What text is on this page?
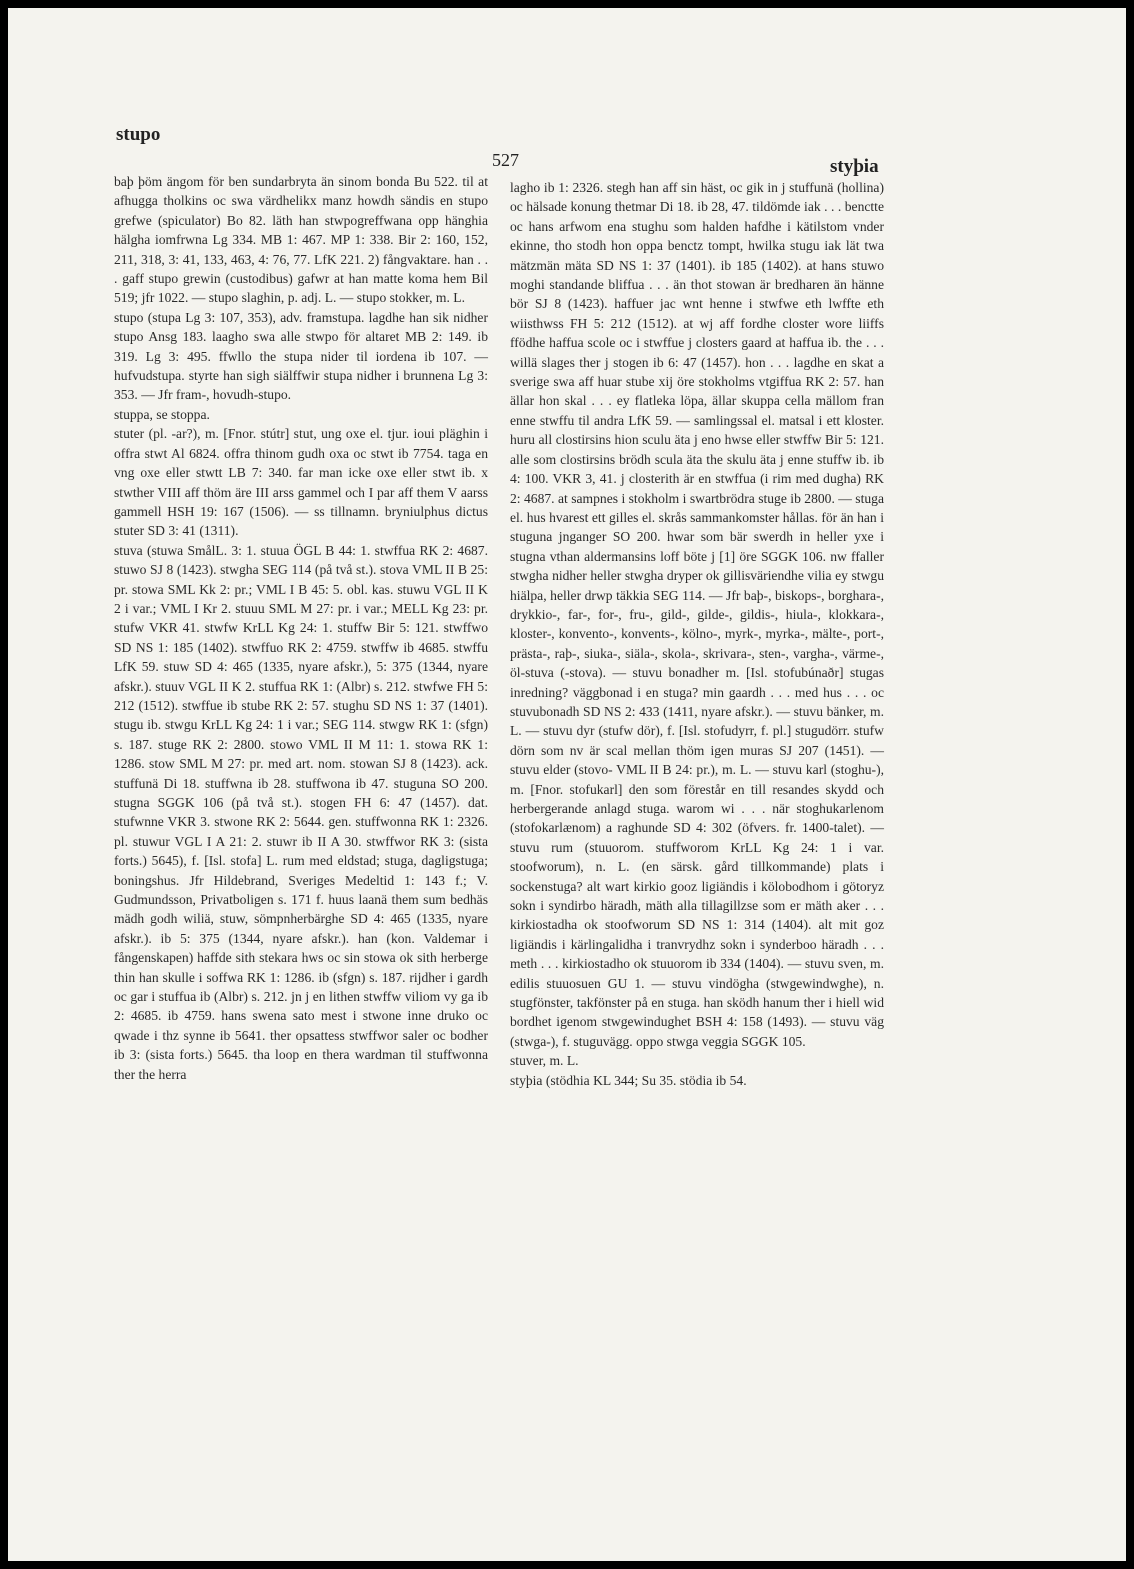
stupo
527	styþia

baþ þöm ängom för ben sundarbryta än sinom bonda Bu 522. til at afhugga tholkins oc swa värdhelikx manz howdh sändis en stupo grefwe (spiculator) Bo 82. läth han stwpogreffwana opp hänghia hälgha iomfrwna Lg 334. MB 1: 467. MP 1: 338. Bir 2: 160, 152, 211, 318, 3: 41, 133, 463, 4: 76, 77. LfK 221. 2) fångvaktare. han . . . gaff stupo grewin (custodibus) gafwr at han matte koma hem Bil 519; jfr 1022. — stupo slaghin, p. adj. L. — stupo stokker, m. L.

stupo (stupa Lg 3: 107, 353), adv. framstupa. lagdhe han sik nidher stupo Ansg 183. laagho swa alle stwpo för altaret MB 2: 149. ib 319. Lg 3: 495. ffwllo the stupa nider til iordena ib 107. — hufvudstupa. styrte han sigh siälffwir stupa nidher i brunnena Lg 3: 353. — Jfr fram-, hovudh-stupo.

stuppa, se stoppa.

stuter (pl. -ar?), m. [Fnor. stútr] stut, ung oxe el. tjur. ioui pläghin i offra stwt Al 6824. offra thinom gudh oxa oc stwt ib 7754. taga en vng oxe eller stwtt LB 7: 340. far man icke oxe eller stwt ib. x stwther VIII aff thöm äre III arss gammel och I par aff them V aarss gammell HSH 19: 167 (1506). — ss tillnamn. bryniulphus dictus stuter SD 3: 41 (1311).

stuva (stuwa SmålL. 3: 1. stuua ÖGL B 44: 1. stwffua RK 2: 4687. stuwo SJ 8 (1423). stwgha SEG 114 (på två st.). stova VML II B 25: pr. stowa SML Kk 2: pr.; VML I B 45: 5. obl. kas. stuwu VGL II K 2 i var.; VML I Kr 2. stuuu SML M 27: pr. i var.; MELL Kg 23: pr. stufw VKR 41. stwfw KrLL Kg 24: 1. stuffw Bir 5: 121. stwffwo SD NS 1: 185 (1402). stwffuo RK 2: 4759. stwffw ib 4685. stwffu LfK 59. stuw SD 4: 465 (1335, nyare afskr.), 5: 375 (1344, nyare afskr.). stuuv VGL II K 2. stuffua RK 1: (Albr) s. 212. stwfwe FH 5: 212 (1512). stwffue ib stube RK 2: 57. stughu SD NS 1: 37 (1401). stugu ib. stwgu KrLL Kg 24: 1 i var.; SEG 114. stwgw RK 1: (sfgn) s. 187. stuge RK 2: 2800. stowo VML II M 11: 1. stowa RK 1: 1286. stow SML M 27: pr. med art. nom. stowan SJ 8 (1423). ack. stuffunä Di 18. stuffwna ib 28. stuffwona ib 47. stuguna SO 200. stugna SGGK 106 (på två st.). stogen FH 6: 47 (1457). dat. stufwnne VKR 3. stwone RK 2: 5644. gen. stuffwonna RK 1: 2326. pl. stuwur VGL I A 21: 2. stuwr ib II A 30. stwffwor RK 3: (sista forts.) 5645), f. [Isl. stofa] L. rum med eldstad; stuga, dagligstuga; boningshus. Jfr Hildebrand, Sveriges Medeltid 1: 143 f.; V. Gudmundsson, Privatboligen s. 171 f. huus laanä them sum bedhäs mädh godh wiliä, stuw, sömpnherbärghe SD 4: 465 (1335, nyare afskr.). ib 5: 375 (1344, nyare afskr.). han (kon. Valdemar i fångenskapen) haffde sith stekara hws oc sin stowa ok sith herberge thin han skulle i soffwa RK 1: 1286. ib (sfgn) s. 187. rijdher i gardh oc gar i stuffua ib (Albr) s. 212. jn j en lithen stwffw viliom vy ga ib 2: 4685. ib 4759. hans swena sato mest i stwone inne druko oc qwade i thz synne ib 5641. ther opsattess stwffwor saler oc bodher ib 3: (sista forts.) 5645. tha loop en thera wardman til stuffwonna ther the herra

lagho ib 1: 2326. stegh han aff sin häst, oc gik in j stuffunä (hollina) oc hälsade konung thetmar Di 18. ib 28, 47. tildömde iak . . . benctte oc hans arfwom ena stughu som halden hafdhe i kätilstom vnder ekinne, tho stodh hon oppa benctz tompt, hwilka stugu iak lät twa mätzmän mäta SD NS 1: 37 (1401). ib 185 (1402). at hans stuwo moghi standande bliffua . . . än thot stowan är bredharen än hänne bör SJ 8 (1423). haffuer jac wnt henne i stwfwe eth lwffte eth wiisthwss FH 5: 212 (1512). at wj aff fordhe closter wore liiffs ffödhe haffua scole oc i stwffue j closters gaard at haffua ib. the . . . willä slages ther j stogen ib 6: 47 (1457). hon . . . lagdhe en skat a sverige swa aff huar stube xij öre stokholms vtgiffua RK 2: 57. han ällar hon skal . . . ey flatleka löpa, ällar skuppa cella mällom fran enne stwffu til andra LfK 59. — samlingssal el. matsal i ett kloster. huru all clostirsins hion sculu äta j eno hwse eller stwffw Bir 5: 121. alle som clostirsins brödh scula äta the skulu äta j enne stuffw ib. ib 4: 100. VKR 3, 41. j closterith är en stwffua (i rim med dugha) RK 2: 4687. at sampnes i stokholm i swartbrödra stuge ib 2800. — stuga el. hus hvarest ett gilles el. skrås sammankomster hållas. för än han i stuguna jnganger SO 200. hwar som bär swerdh in heller yxe i stugna vthan aldermansins loff böte j [1] öre SGGK 106. nw ffaller stwgha nidher heller stwgha dryper ok gillisväriendhe vilia ey stwgu hiälpa, heller drwp täkkia SEG 114. — Jfr baþ-, biskops-, borghara-, drykkio-, far-, for-, fru-, gild-, gilde-, gildis-, hiula-, klokkara-, kloster-, konvento-, konvents-, kölno-, myrk-, myrka-, mälte-, port-, prästa-, raþ-, siuka-, siäla-, skola-, skrivara-, sten-, vargha-, värme-, öl-stuva (-stova). — stuvu bonadher m. [Isl. stofubúnaðr] stugas inredning? väggbonad i en stuga? min gaardh . . . med hus . . . oc stuvubonadh SD NS 2: 433 (1411, nyare afskr.). — stuvu bänker, m. L. — stuvu dyr (stufw dör), f. [Isl. stofudyrr, f. pl.] stugudörr. stufw dörn som nv är scal mellan thöm igen muras SJ 207 (1451). — stuvu elder (stovo- VML II B 24: pr.), m. L. — stuvu karl (stoghu-), m. [Fnor. stofukarl] den som förestår en till resandes skydd och herbergerande anlagd stuga. warom wi . . . när stoghukarlenom (stofokarlænom) a raghunde SD 4: 302 (öfvers. fr. 1400-talet). — stuvu rum (stuuorom. stuffworom KrLL Kg 24: 1 i var. stoofworum), n. L. (en särsk. gård tillkommande) plats i sockenstuga? alt wart kirkio gooz ligiändis i kölobodhom i götoryz sokn i syndirbo häradh, mäth alla tillagillzse som er mäth aker . . . kirkiostadha ok stoofworum SD NS 1: 314 (1404). alt mit goz ligiändis i kärlingalidha i tranvrydhz sokn i synderboo häradh . . . meth . . . kirkiostadho ok stuuorom ib 334 (1404). — stuvu sven, m. edilis stuuosuen GU 1. — stuvu vindögha (stwgewindwghe), n. stugfönster, takfönster på en stuga. han sködh hanum ther i hiell wid bordhet igenom stwgewindughet BSH 4: 158 (1493). — stuvu väg (stwga-), f. stuguvägg. oppo stwga veggia SGGK 105.

stuver, m. L.

styþia (stödhia KL 344; Su 35. stödia ib 54.
